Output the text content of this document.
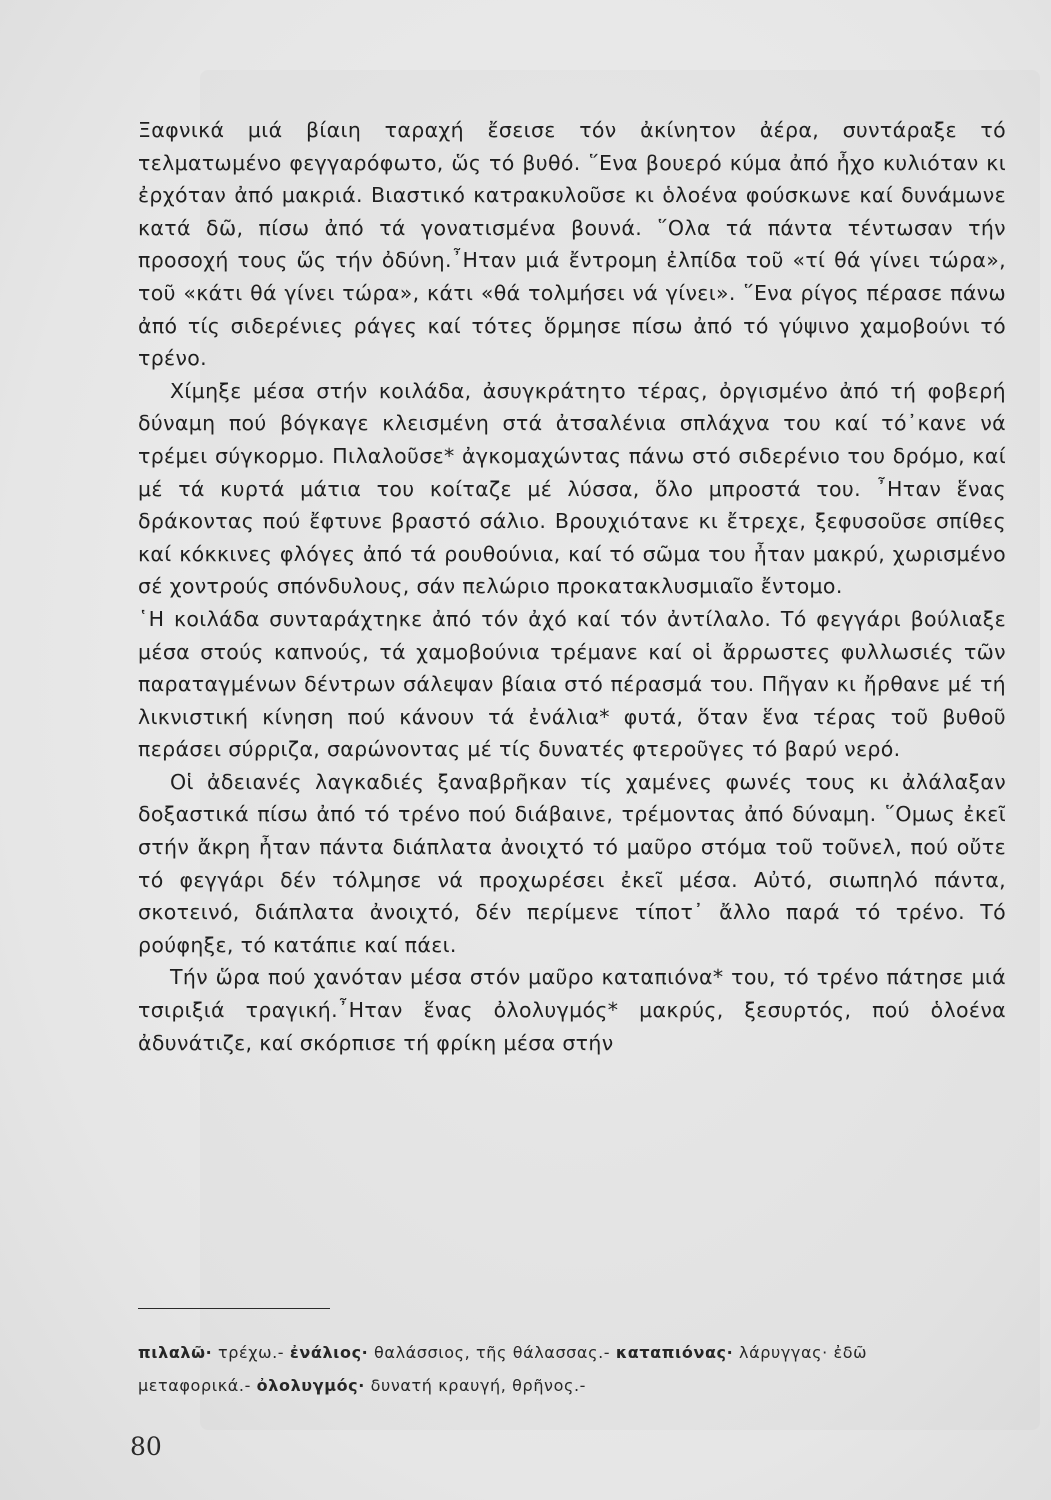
Ξαφνικά μιά βίαιη ταραχή ἔσεισε τόν ἀκίνητον ἀέρα, συντάραξε τό τελματωμένο φεγγαρόφωτο, ὥς τό βυθό. ῞Ενα βουερό κύμα ἀπό ἦχο κυλιόταν κι ἐρχόταν ἀπό μακριά. Βιαστικό κατρακυλοῦσε κι ὁλοένα φούσκωνε καί δυνάμωνε κατά δῶ, πίσω ἀπό τά γονατισμένα βουνά. ῞Ολα τά πάντα τέντωσαν τήν προσοχή τους ὥς τήν ὀδύνη.῏Ηταν μιά ἔντρομη ἐλπίδα τοῦ «τί θά γίνει τώρα», τοῦ «κάτι θά γίνει τώρα», κάτι «θά τολμήσει νά γίνει». ῞Ενα ρίγος πέρασε πάνω ἀπό τίς σιδερένιες ράγες καί τότες ὅρμησε πίσω ἀπό τό γύψινο χαμοβούνι τό τρένο.

Χίμηξε μέσα στήν κοιλάδα, ἀσυγκράτητο τέρας, ὀργισμένο ἀπό τή φοβερή δύναμη πού βόγκαγε κλεισμένη στά ἀτσαλένια σπλάχνα του καί τό᾽κανε νά τρέμει σύγκορμο. Πιλαλοῦσε* ἀγκομαχώντας πάνω στό σιδερένιο του δρόμο, καί μέ τά κυρτά μάτια του κοίταζε μέ λύσσα, ὅλο μπροστά του. ῏Ηταν ἕνας δράκοντας πού ἔφτυνε βραστό σάλιο. Βρουχιότανε κι ἔτρεχε, ξεφυσοῦσε σπίθες καί κόκκινες φλόγες ἀπό τά ρουθούνια, καί τό σῶμα του ἦταν μακρύ, χωρισμένο σέ χοντρούς σπόνδυλους, σάν πελώριο προκατακλυσμιαῖο ἔντομο.

῾Η κοιλάδα συνταράχτηκε ἀπό τόν ἀχό καί τόν ἀντίλαλο. Τό φεγγάρι βούλιαξε μέσα στούς καπνούς, τά χαμοβούνια τρέμανε καί οἱ ἄρρωστες φυλλωσιές τῶν παραταγμένων δέντρων σάλεψαν βίαια στό πέρασμά του. Πῆγαν κι ἤρθανε μέ τή λικνιστική κίνηση πού κάνουν τά ἐνάλια* φυτά, ὅταν ἕνα τέρας τοῦ βυθοῦ περάσει σύρριζα, σαρώνοντας μέ τίς δυνατές φτεροῦγες τό βαρύ νερό.

Οἱ ἀδειανές λαγκαδιές ξαναβρῆκαν τίς χαμένες φωνές τους κι ἀλάλαξαν δοξαστικά πίσω ἀπό τό τρένο πού διάβαινε, τρέμοντας ἀπό δύναμη. ῞Ομως ἐκεῖ στήν ἄκρη ἦταν πάντα διάπλατα ἀνοιχτό τό μαῦρο στόμα τοῦ τοῦνελ, πού οὔτε τό φεγγάρι δέν τόλμησε νά προχωρέσει ἐκεῖ μέσα. Αὐτό, σιωπηλό πάντα, σκοτεινό, διάπλατα ἀνοιχτό, δέν περίμενε τίποτ᾽ ἄλλο παρά τό τρένο. Τό ρούφηξε, τό κατάπιε καί πάει.

Τήν ὥρα πού χανόταν μέσα στόν μαῦρο καταπιόνα* του, τό τρένο πάτησε μιά τσιριξιά τραγική.῏Ηταν ἕνας ὀλολυγμός* μακρύς, ξεσυρτός, πού ὁλοένα ἀδυνάτιζε, καί σκόρπισε τή φρίκη μέσα στήν

πιλαλῶ· τρέχω.- ἐνάλιος· θαλάσσιος, τῆς θάλασσας.- καταπιόνας· λάρυγγας· ἐδῶ
μεταφορικά.- ὀλολυγμός· δυνατή κραυγή, θρῆνος.-
80
